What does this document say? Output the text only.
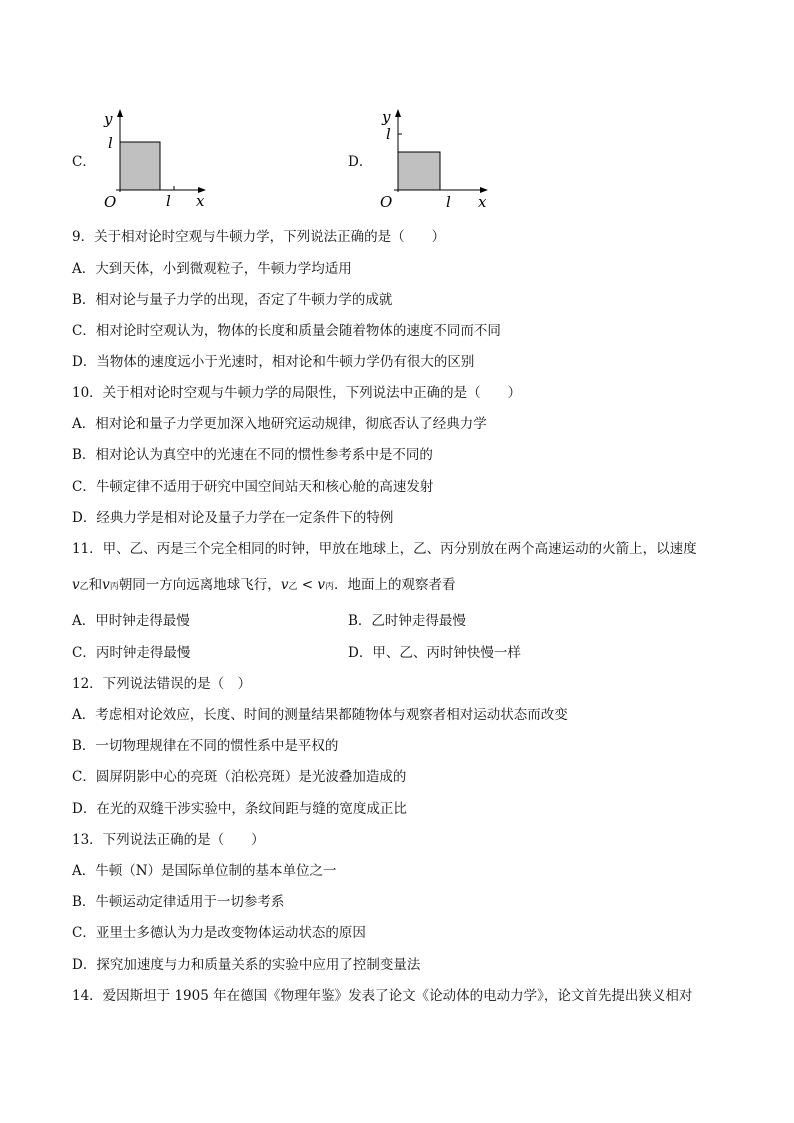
C．
y
l
O	l x
D．
y
l
O	l x
9．关于相对论时空观与牛顿力学，下列说法正确的是（　　）
A．大到天体，小到微观粒子，牛顿力学均适用
B．相对论与量子力学的出现，否定了牛顿力学的成就
C．相对论时空观认为，物体的长度和质量会随着物体的速度不同而不同
D．当物体的速度远小于光速时，相对论和牛顿力学仍有很大的区别
10．关于相对论时空观与牛顿力学的局限性，下列说法中正确的是（　　）
A．相对论和量子力学更加深入地研究运动规律，彻底否认了经典力学
B．相对论认为真空中的光速在不同的惯性参考系中是不同的
C．牛顿定律不适用于研究中国空间站天和核心舱的高速发射
D．经典力学是相对论及量子力学在一定条件下的特例
11．甲、乙、丙是三个完全相同的时钟，甲放在地球上，乙、丙分别放在两个高速运动的火箭上，以速度
v乙和v丙朝同一方向远离地球飞行，v乙 < v丙．地面上的观察者看
A．甲时钟走得最慢	B．乙时钟走得最慢
C．丙时钟走得最慢	D．甲、乙、丙时钟快慢一样
12．下列说法错误的是（　）
A．考虑相对论效应，长度、时间的测量结果都随物体与观察者相对运动状态而改变
B．一切物理规律在不同的惯性系中是平权的
C．圆屏阴影中心的亮斑（泊松亮斑）是光波叠加造成的
D．在光的双缝干涉实验中，条纹间距与缝的宽度成正比
13．下列说法正确的是（　　）
A．牛顿（N）是国际单位制的基本单位之一
B．牛顿运动定律适用于一切参考系
C．亚里士多德认为力是改变物体运动状态的原因
D．探究加速度与力和质量关系的实验中应用了控制变量法
14．爱因斯坦于 1905 年在德国《物理年鉴》发表了论文《论动体的电动力学》，论文首先提出狭义相对
